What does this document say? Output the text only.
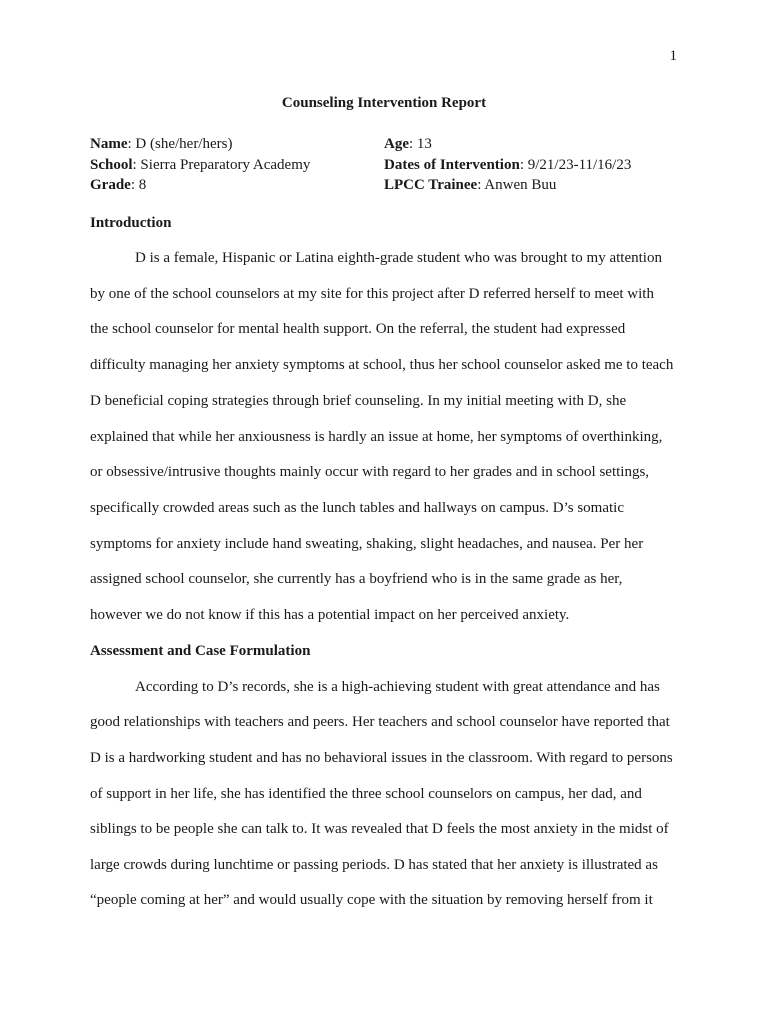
1
Counseling Intervention Report
Name: D (she/her/hers)	Age: 13
School: Sierra Preparatory Academy	Dates of Intervention: 9/21/23-11/16/23
Grade: 8	LPCC Trainee: Anwen Buu
Introduction
D is a female, Hispanic or Latina eighth-grade student who was brought to my attention
by one of the school counselors at my site for this project after D referred herself to meet with
the school counselor for mental health support. On the referral, the student had expressed
difficulty managing her anxiety symptoms at school, thus her school counselor asked me to teach
D beneficial coping strategies through brief counseling. In my initial meeting with D, she
explained that while her anxiousness is hardly an issue at home, her symptoms of overthinking,
or obsessive/intrusive thoughts mainly occur with regard to her grades and in school settings,
specifically crowded areas such as the lunch tables and hallways on campus. D’s somatic
symptoms for anxiety include hand sweating, shaking, slight headaches, and nausea. Per her
assigned school counselor, she currently has a boyfriend who is in the same grade as her,
however we do not know if this has a potential impact on her perceived anxiety.
Assessment and Case Formulation
According to D’s records, she is a high-achieving student with great attendance and has
good relationships with teachers and peers. Her teachers and school counselor have reported that
D is a hardworking student and has no behavioral issues in the classroom. With regard to persons
of support in her life, she has identified the three school counselors on campus, her dad, and
siblings to be people she can talk to. It was revealed that D feels the most anxiety in the midst of
large crowds during lunchtime or passing periods. D has stated that her anxiety is illustrated as
“people coming at her” and would usually cope with the situation by removing herself from it
